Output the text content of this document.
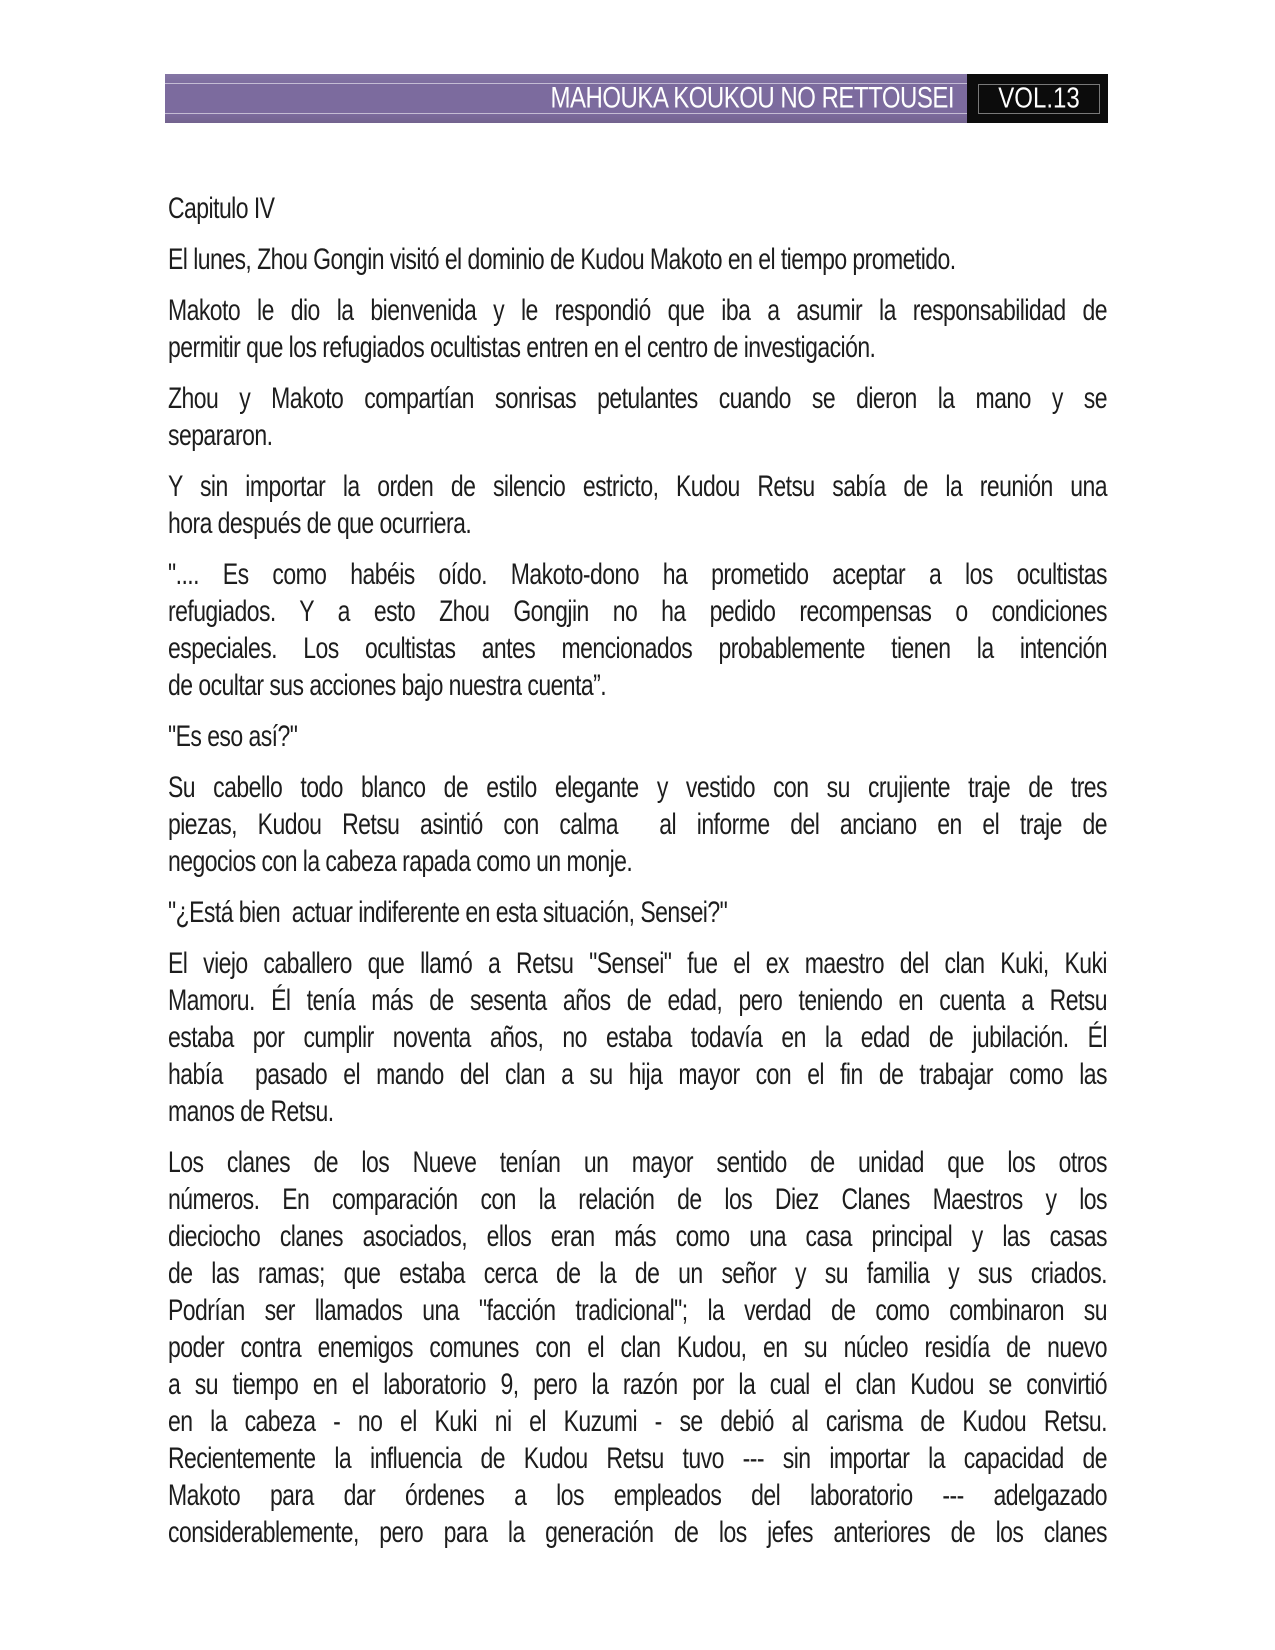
MAHOUKA KOUKOU NO RETTOUSEI VOL.13
Capitulo IV
El lunes, Zhou Gongin visitó el dominio de Kudou Makoto en el tiempo prometido.
Makoto le dio la bienvenida y le respondió que iba a asumir la responsabilidad de
permitir que los refugiados ocultistas entren en el centro de investigación.
Zhou y Makoto compartían sonrisas petulantes cuando se dieron la mano y se
separaron.
Y sin importar la orden de silencio estricto, Kudou Retsu sabía de la reunión una
hora después de que ocurriera.
".... Es como habéis oído. Makoto-dono ha prometido aceptar a los ocultistas
refugiados. Y a esto Zhou Gongjin no ha pedido recompensas o condiciones
especiales. Los ocultistas antes mencionados probablemente tienen la intención
de ocultar sus acciones bajo nuestra cuenta”.
"Es eso así?"
Su cabello todo blanco de estilo elegante y vestido con su crujiente traje de tres
piezas, Kudou Retsu asintió con calma  al informe del anciano en el traje de
negocios con la cabeza rapada como un monje.
"¿Está bien  actuar indiferente en esta situación, Sensei?"
El viejo caballero que llamó a Retsu "Sensei" fue el ex maestro del clan Kuki, Kuki
Mamoru. Él tenía más de sesenta años de edad, pero teniendo en cuenta a Retsu
estaba por cumplir noventa años, no estaba todavía en la edad de jubilación. Él
había  pasado el mando del clan a su hija mayor con el fin de trabajar como las
manos de Retsu.
Los clanes de los Nueve tenían un mayor sentido de unidad que los otros
números. En comparación con la relación de los Diez Clanes Maestros y los
dieciocho clanes asociados, ellos eran más como una casa principal y las casas
de las ramas; que estaba cerca de la de un señor y su familia y sus criados.
Podrían ser llamados una "facción tradicional"; la verdad de como combinaron su
poder contra enemigos comunes con el clan Kudou, en su núcleo residía de nuevo
a su tiempo en el laboratorio 9, pero la razón por la cual el clan Kudou se convirtió
en la cabeza - no el Kuki ni el Kuzumi - se debió al carisma de Kudou Retsu.
Recientemente la influencia de Kudou Retsu tuvo --- sin importar la capacidad de
Makoto para dar órdenes a los empleados del laboratorio --- adelgazado
considerablemente, pero para la generación de los jefes anteriores de los clanes
